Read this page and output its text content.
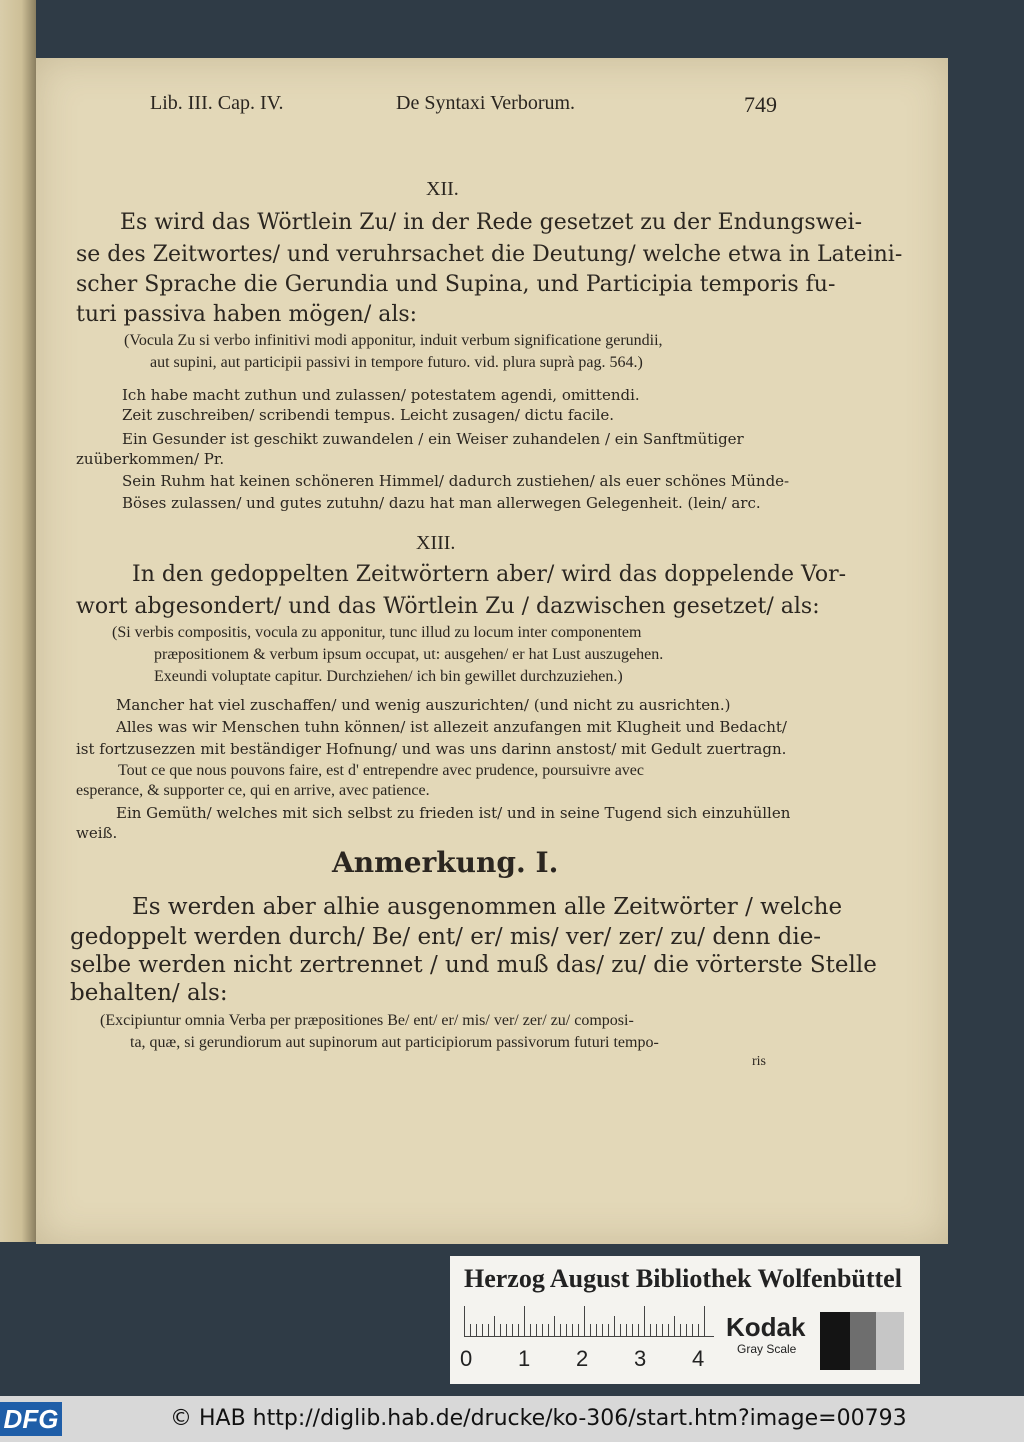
Lib. III. Cap. IV.	De Syntaxi Verborum.	749
XII.
Es wird das Wörtlein Zu/ in der Rede gesetzet zu der Endungswei-
se des Zeitwortes/ und veruhrsachet die Deutung/ welche etwa in Lateini-
scher Sprache die Gerundia und Supina, und Participia temporis fu-
turi passiva haben mögen/ als:
(Vocula Zu si verbo infinitivi modi apponitur, induit verbum significatione gerundii,
aut supini, aut participii passivi in tempore futuro. vid. plura suprà pag. 564.)
Ich habe macht zuthun und zulassen/ potestatem agendi, omittendi.
Zeit zuschreiben/ scribendi tempus. Leicht zusagen/ dictu facile.
Ein Gesunder ist geschikt zuwandelen / ein Weiser zuhandelen / ein Sanftmütiger
zuüberkommen/ Pr.
Sein Ruhm hat keinen schöneren Himmel/ dadurch zustiehen/ als euer schönes Münde-
Böses zulassen/ und gutes zutuhn/ dazu hat man allerwegen Gelegenheit. (lein/ arc.
XIII.
In den gedoppelten Zeitwörtern aber/ wird das doppelende Vor-
wort abgesondert/ und das Wörtlein Zu / dazwischen gesetzet/ als:
(Si verbis compositis, vocula zu apponitur, tunc illud zu locum inter componentem
præpositionem & verbum ipsum occupat, ut: ausgehen/ er hat Lust auszugehen.
Exeundi voluptate capitur. Durchziehen/ ich bin gewillet durchzuziehen.)
Mancher hat viel zuschaffen/ und wenig auszurichten/ (und nicht zu ausrichten.)
Alles was wir Menschen tuhn können/ ist allezeit anzufangen mit Klugheit und Bedacht/
ist fortzusezzen mit beständiger Hofnung/ und was uns darinn anstost/ mit Gedult zuertragn.
Tout ce que nous pouvons faire, est d' entrependre avec prudence, poursuivre avec
esperance, & supporter ce, qui en arrive, avec patience.
Ein Gemüth/ welches mit sich selbst zu frieden ist/ und in seine Tugend sich einzuhüllen
weiß.
Anmerkung. I.
Es werden aber alhie ausgenommen alle Zeitwörter / welche
gedoppelt werden durch/ Be/ ent/ er/ mis/ ver/ zer/ zu/ denn die-
selbe werden nicht zertrennet / und muß das/ zu/ die vörterste Stelle
behalten/ als:
(Excipiuntur omnia Verba per præpositiones Be/ ent/ er/ mis/ ver/ zer/ zu/ composi-
ta, quæ, si gerundiorum aut supinorum aut participiorum passivorum futuri tempo-
ris
Herzog August Bibliothek Wolfenbüttel
0 1 2 3 4
Kodak
Gray Scale
DFG	© HAB http://diglib.hab.de/drucke/ko-306/start.htm?image=00793
